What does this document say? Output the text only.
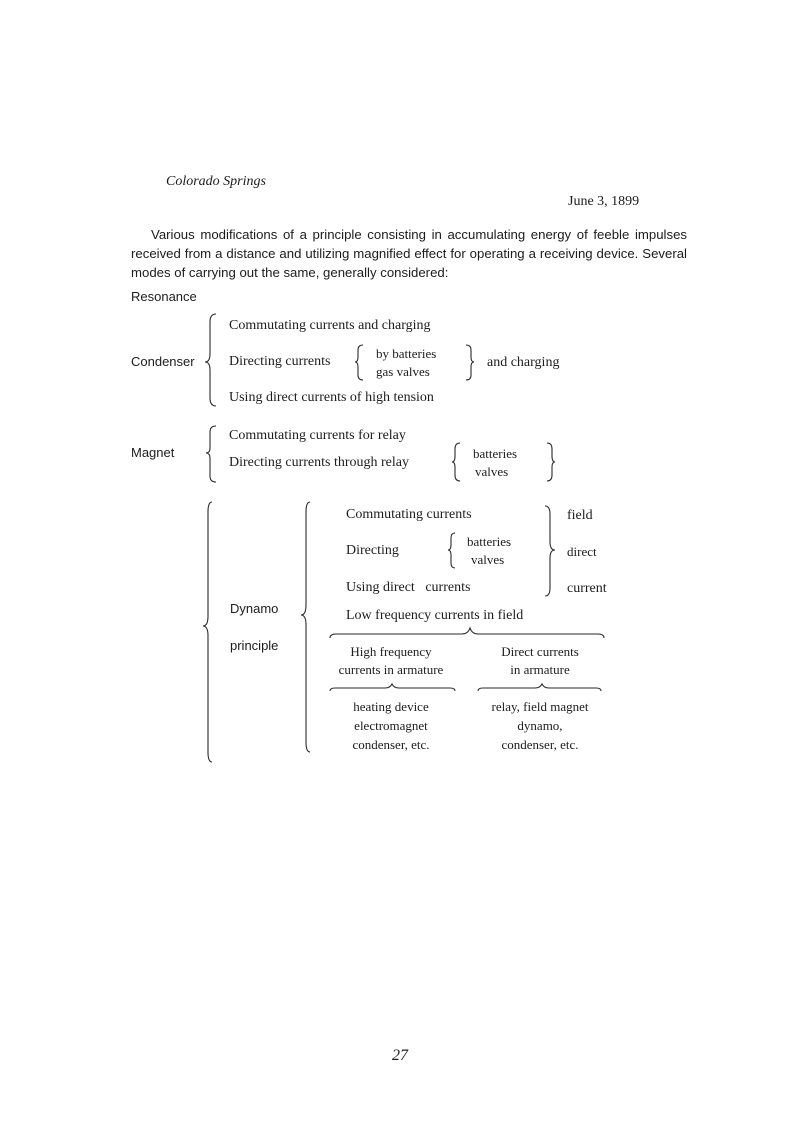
Colorado Springs
June 3, 1899
Various modifications of a principle consisting in accumulating energy of feeble impulses received from a distance and utilizing magnified effect for operating a receiving device. Several modes of carrying out the same, generally considered:
Resonance
Condenser
Commutating currents and charging
Directing currents
by batteries
gas valves
and charging
Using direct currents of high tension
Magnet
Commutating currents for relay
Directing currents through relay
batteries
valves
Dynamo
principle
Commutating currents
Directing
batteries
valves
Using direct   currents
field
direct
current
Low frequency currents in field
High frequency
currents in armature
Direct currents
in armature
heating device
electromagnet
condenser, etc.
relay, field magnet
dynamo,
condenser, etc.
27
